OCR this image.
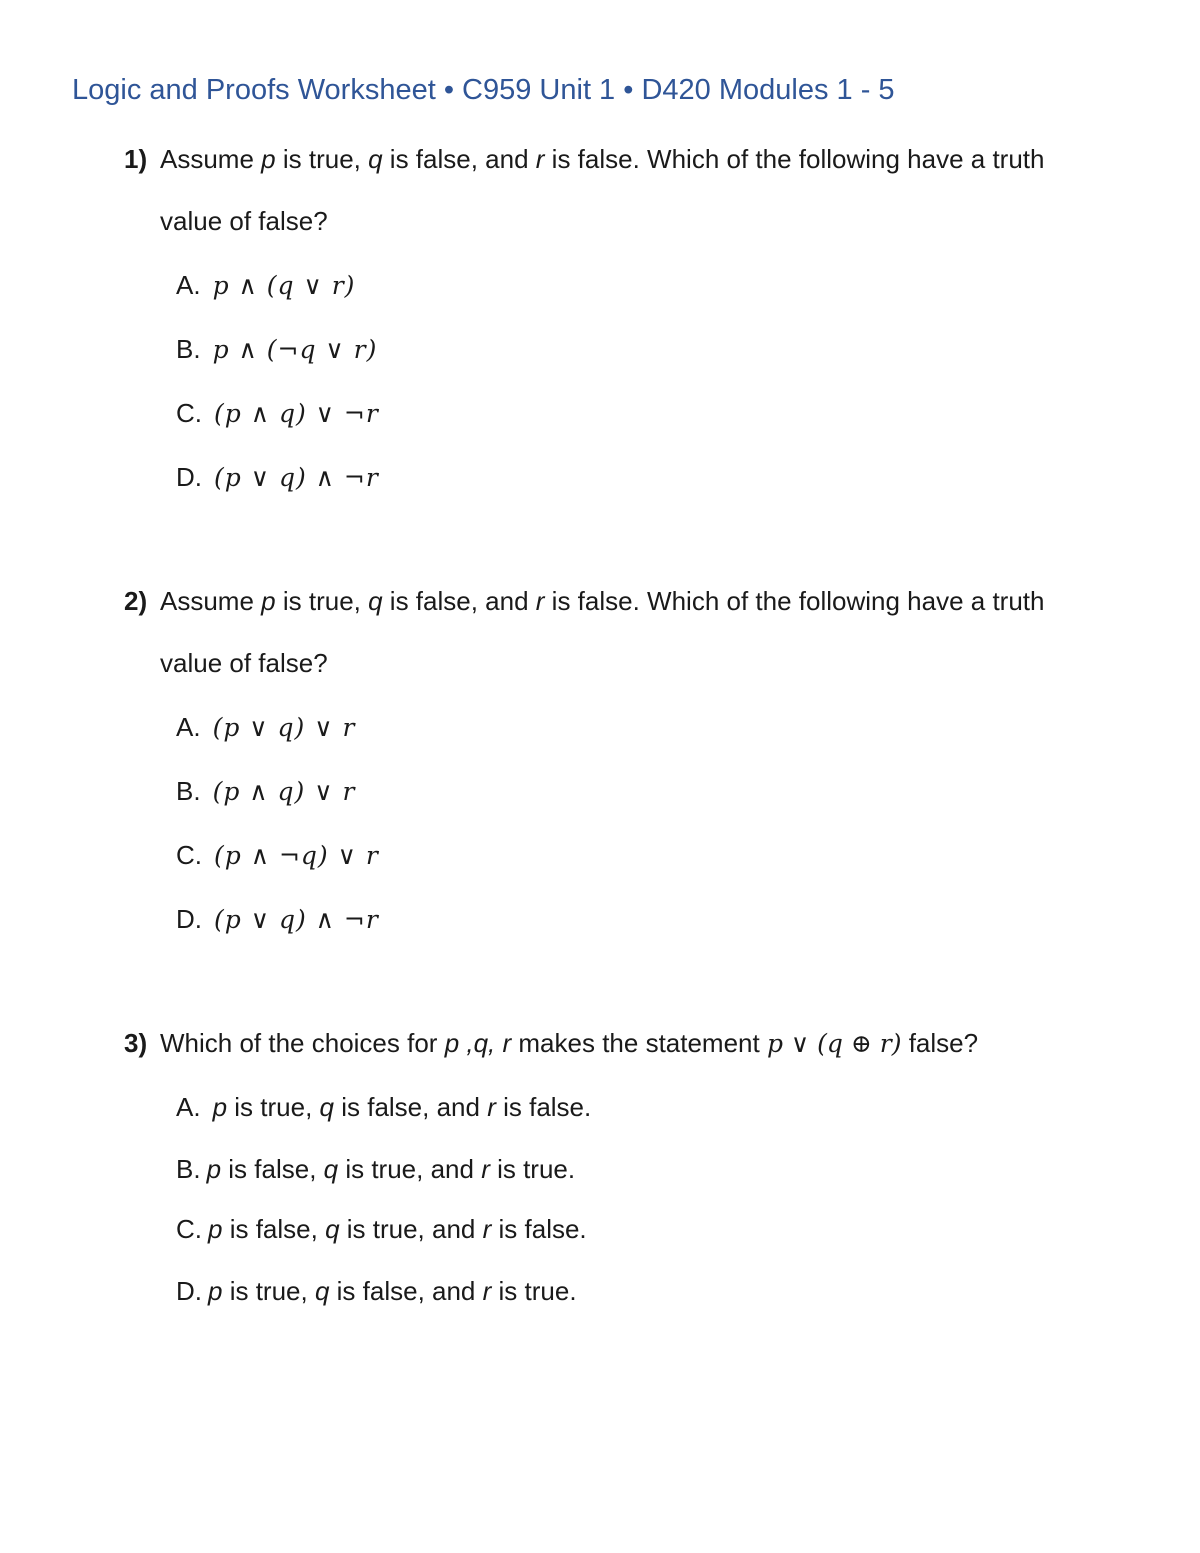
Logic and Proofs Worksheet • C959 Unit 1 • D420 Modules 1 - 5
1) Assume p is true, q is false, and r is false. Which of the following have a truth
value of false?
A. p ∧ (q ∨ r)
B. p ∧ (¬q ∨ r)
C. (p ∧ q) ∨ ¬r
D. (p ∨ q) ∧ ¬r
2) Assume p is true, q is false, and r is false. Which of the following have a truth
value of false?
A. (p ∨ q) ∨ r
B. (p ∧ q) ∨ r
C. (p ∧ ¬q) ∨ r
D. (p ∨ q) ∧ ¬r
3) Which of the choices for p ,q, r makes the statement p ∨ (q ⊕ r) false?
A. p is true, q is false, and r is false.
B. p is false, q is true, and r is true.
C. p is false, q is true, and r is false.
D. p is true, q is false, and r is true.
